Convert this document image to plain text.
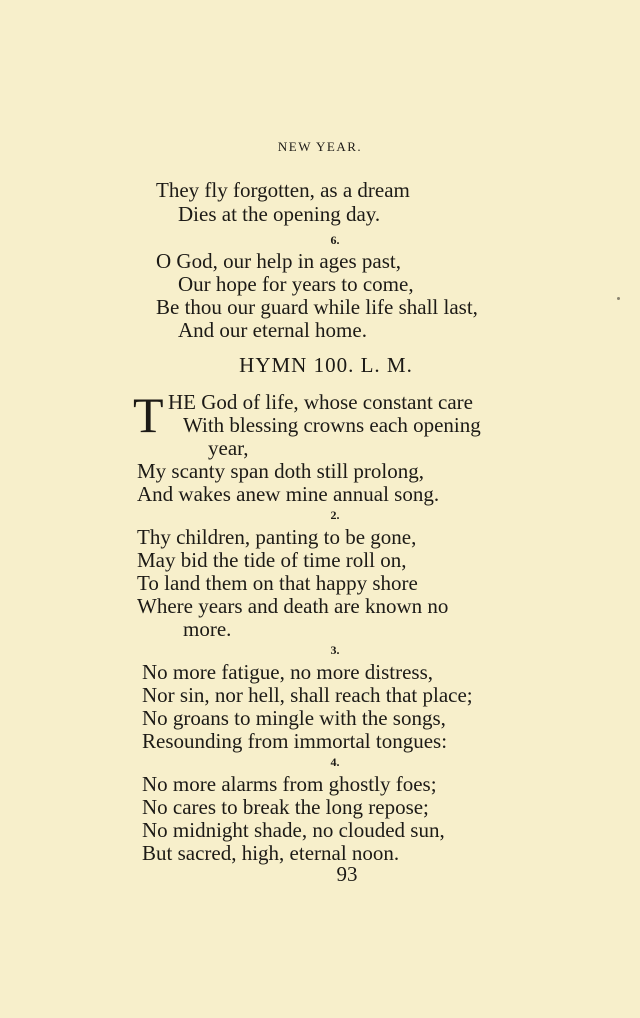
NEW YEAR.
They fly forgotten, as a dream
Dies at the opening day.
6.
O God, our help in ages past,
Our hope for years to come,
Be thou our guard while life shall last,
And our eternal home.
HYMN 100. L. M.
T HE God of life, whose constant care
With blessing crowns each opening
year,
My scanty span doth still prolong,
And wakes anew mine annual song.
2.
Thy children, panting to be gone,
May bid the tide of time roll on,
To land them on that happy shore
Where years and death are known no
more.
3.
No more fatigue, no more distress,
Nor sin, nor hell, shall reach that place;
No groans to mingle with the songs,
Resounding from immortal tongues:
4.
No more alarms from ghostly foes;
No cares to break the long repose;
No midnight shade, no clouded sun,
But sacred, high, eternal noon.
93
